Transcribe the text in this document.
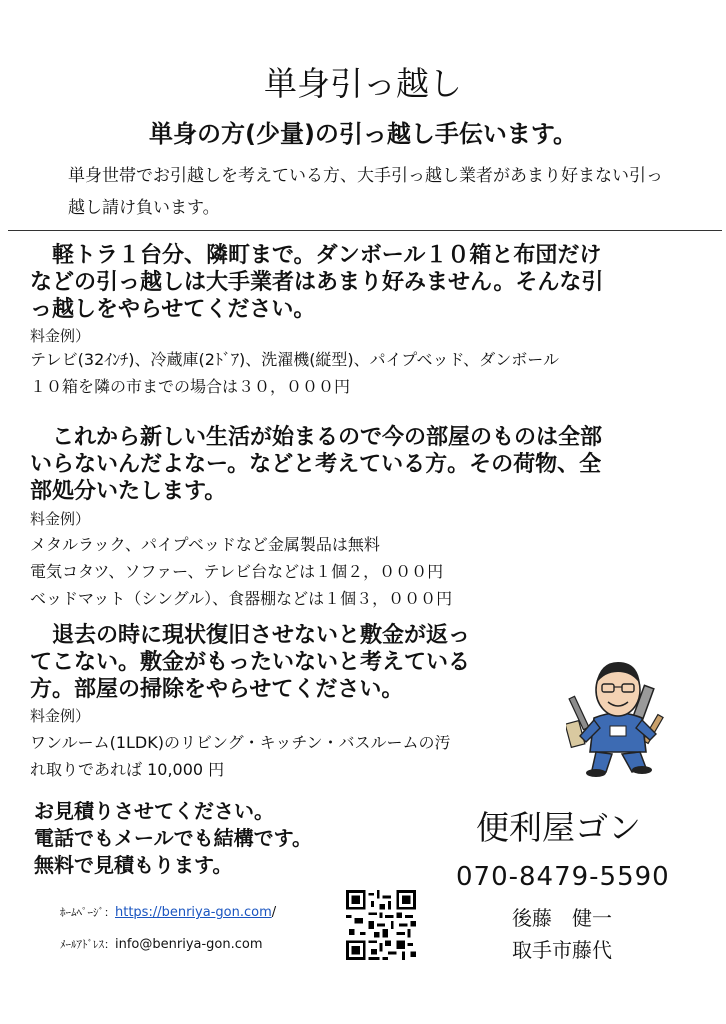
単身引っ越し
単身の方(少量)の引っ越し手伝います。
単身世帯でお引越しを考えている方、大手引っ越し業者があまり好まない引っ越し請け負います。
　軽トラ１台分、隣町まで。ダンボール１０箱と布団だけ
などの引っ越しは大手業者はあまり好みません。そんな引
っ越しをやらせてください。
料金例）
テレビ(32ｲﾝﾁ)、冷蔵庫(2ﾄﾞｱ)、洗濯機(縦型)、パイプベッド、ダンボール
１０箱を隣の市までの場合は３０，０００円
　これから新しい生活が始まるので今の部屋のものは全部
いらないんだよなー。などと考えている方。その荷物、全
部処分いたします。
料金例）
メタルラック、パイプベッドなど金属製品は無料
電気コタツ、ソファー、テレビ台などは１個２，０００円
ベッドマット（シングル）、食器棚などは１個３，０００円
　退去の時に現状復旧させないと敷金が返っ
てこない。敷金がもったいないと考えている
方。部屋の掃除をやらせてください。
料金例）
ワンルーム(1LDK)のリビング・キッチン・バスルームの汚
れ取りであれば 10,000 円
お見積りさせてください。
電話でもメールでも結構です。
無料で見積もります。
ﾎｰﾑﾍﾟｰｼﾞ：https://benriya-gon.com/
ﾒｰﾙｱﾄﾞﾚｽ：info@benriya-gon.com
便利屋ゴン
070-8479-5590
後藤　健一
取手市藤代
